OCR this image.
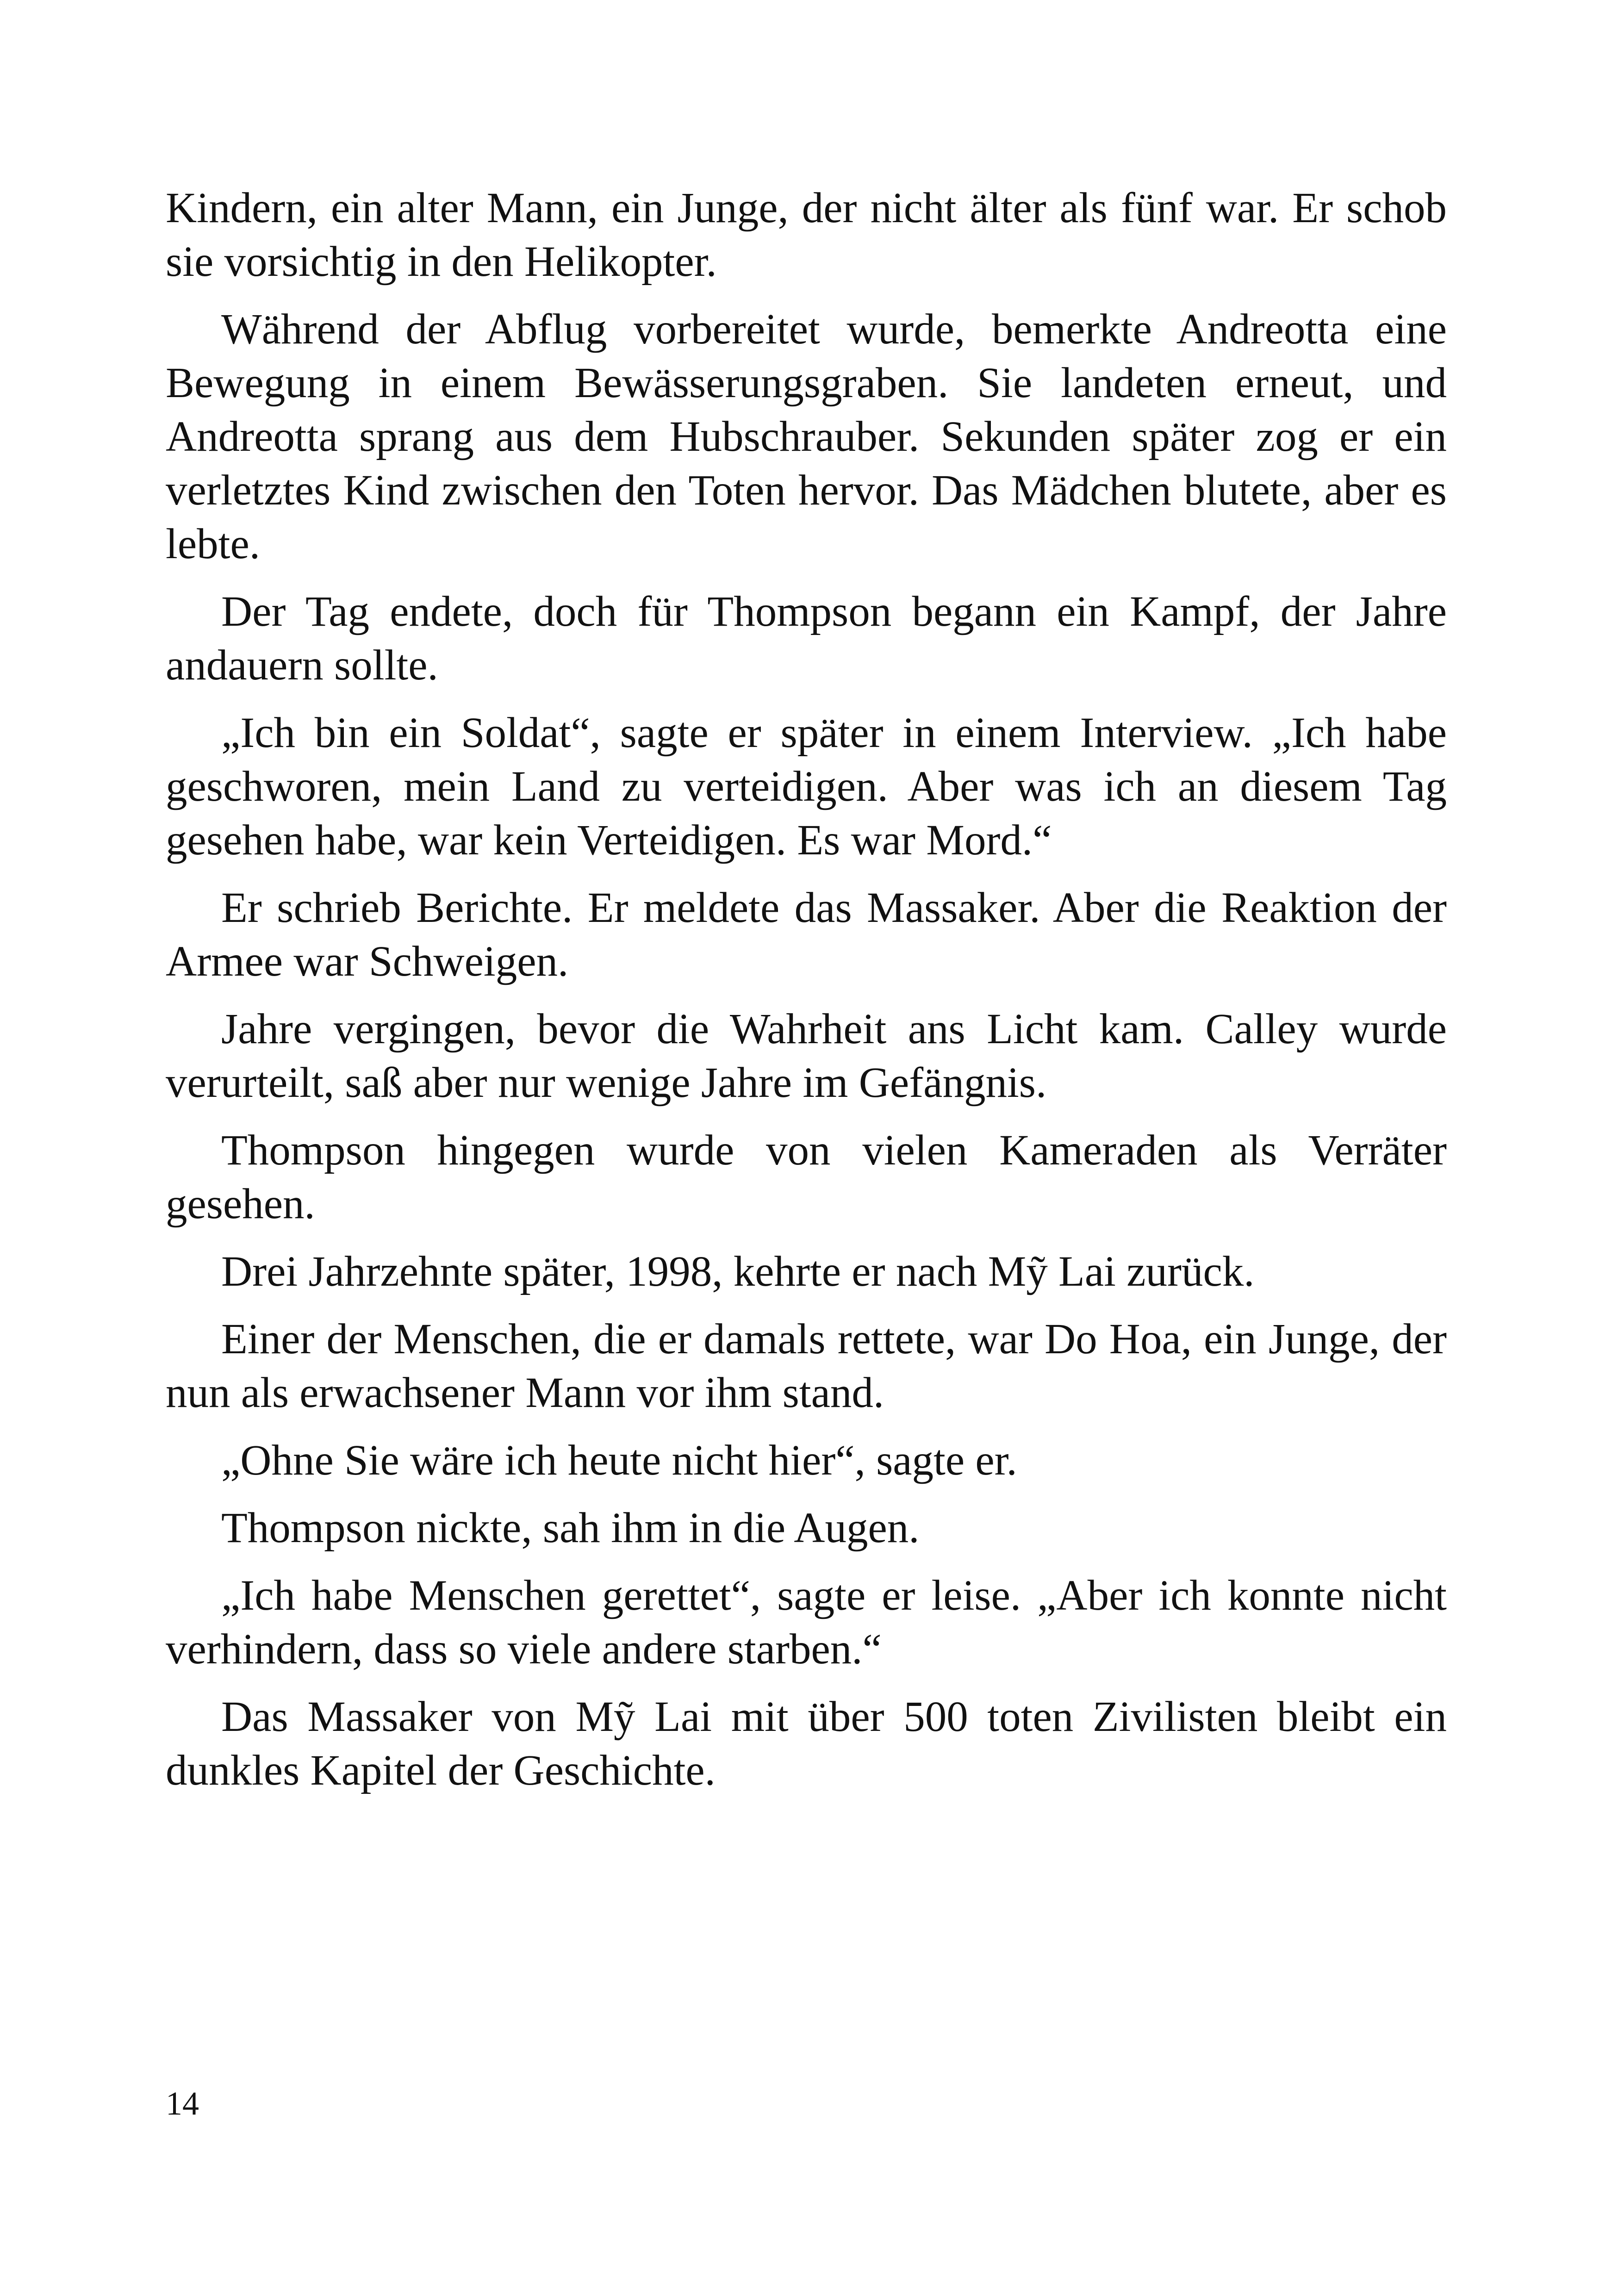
Kindern, ein alter Mann, ein Junge, der nicht älter als fünf war. Er schob sie vorsichtig in den Helikopter.

Während der Abflug vorbereitet wurde, bemerkte Andreotta eine Bewegung in einem Bewässerungsgraben. Sie landeten erneut, und Andreotta sprang aus dem Hubschrauber. Sekunden später zog er ein verletztes Kind zwischen den Toten hervor. Das Mädchen blutete, aber es lebte.

Der Tag endete, doch für Thompson begann ein Kampf, der Jahre andauern sollte.

„Ich bin ein Soldat“, sagte er später in einem Interview. „Ich habe geschworen, mein Land zu verteidigen. Aber was ich an diesem Tag gesehen habe, war kein Verteidigen. Es war Mord.“

Er schrieb Berichte. Er meldete das Massaker. Aber die Reaktion der Armee war Schweigen.

Jahre vergingen, bevor die Wahrheit ans Licht kam. Calley wurde verurteilt, saß aber nur wenige Jahre im Gefängnis.

Thompson hingegen wurde von vielen Kameraden als Verräter gesehen.

Drei Jahrzehnte später, 1998, kehrte er nach Mỹ Lai zurück.

Einer der Menschen, die er damals rettete, war Do Hoa, ein Junge, der nun als erwachsener Mann vor ihm stand.

„Ohne Sie wäre ich heute nicht hier“, sagte er.

Thompson nickte, sah ihm in die Augen.

„Ich habe Menschen gerettet“, sagte er leise. „Aber ich konnte nicht verhindern, dass so viele andere starben.“

Das Massaker von Mỹ Lai mit über 500 toten Zivilisten bleibt ein dunkles Kapitel der Geschichte.

14
